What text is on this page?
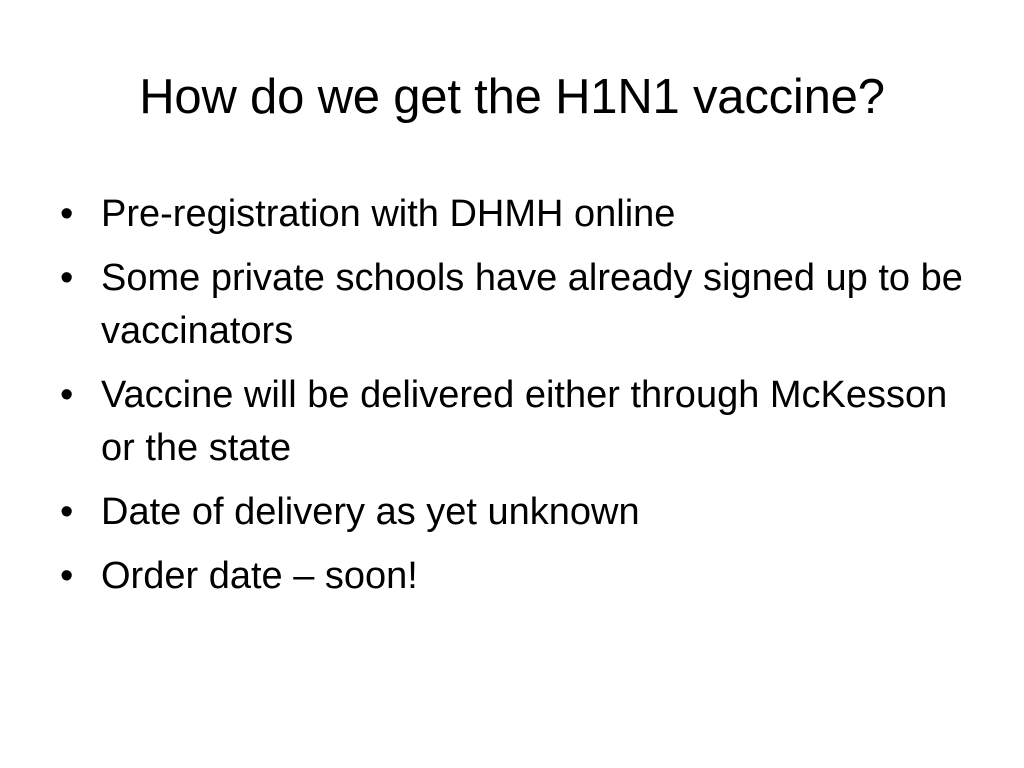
How do we get the H1N1 vaccine?
• Pre-registration with DHMH online
• Some private schools have already signed up to be vaccinators
• Vaccine will be delivered either through McKesson or the state
• Date of delivery as yet unknown
• Order date – soon!
